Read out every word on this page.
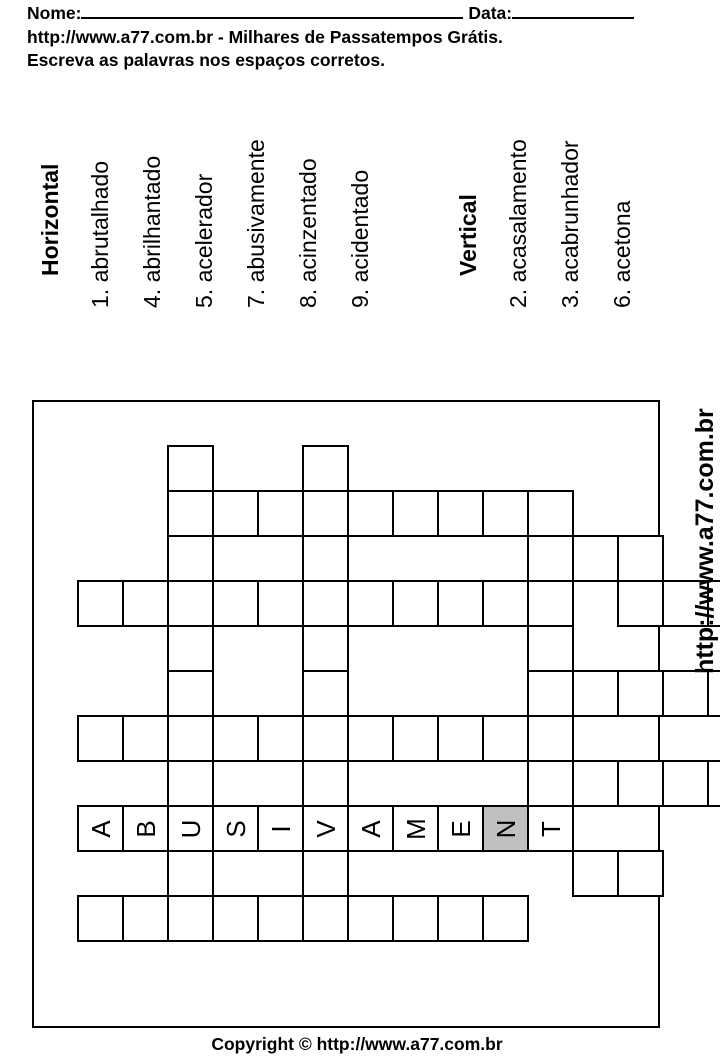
Nome:	Data:
http://www.a77.com.br - Milhares de Passatempos Grátis.
Escreva as palavras nos espaços corretos.
Horizontal 1. abrutalhado 4. abrilhantado 5. acelerador 7. abusivamente 8. acinzentado 9. acidentado	Vertical 2. acasalamento 3. acabrunhador 6. acetona
A B U S I V A M E N T
http://www.a77.com.br
Copyright © http://www.a77.com.br
